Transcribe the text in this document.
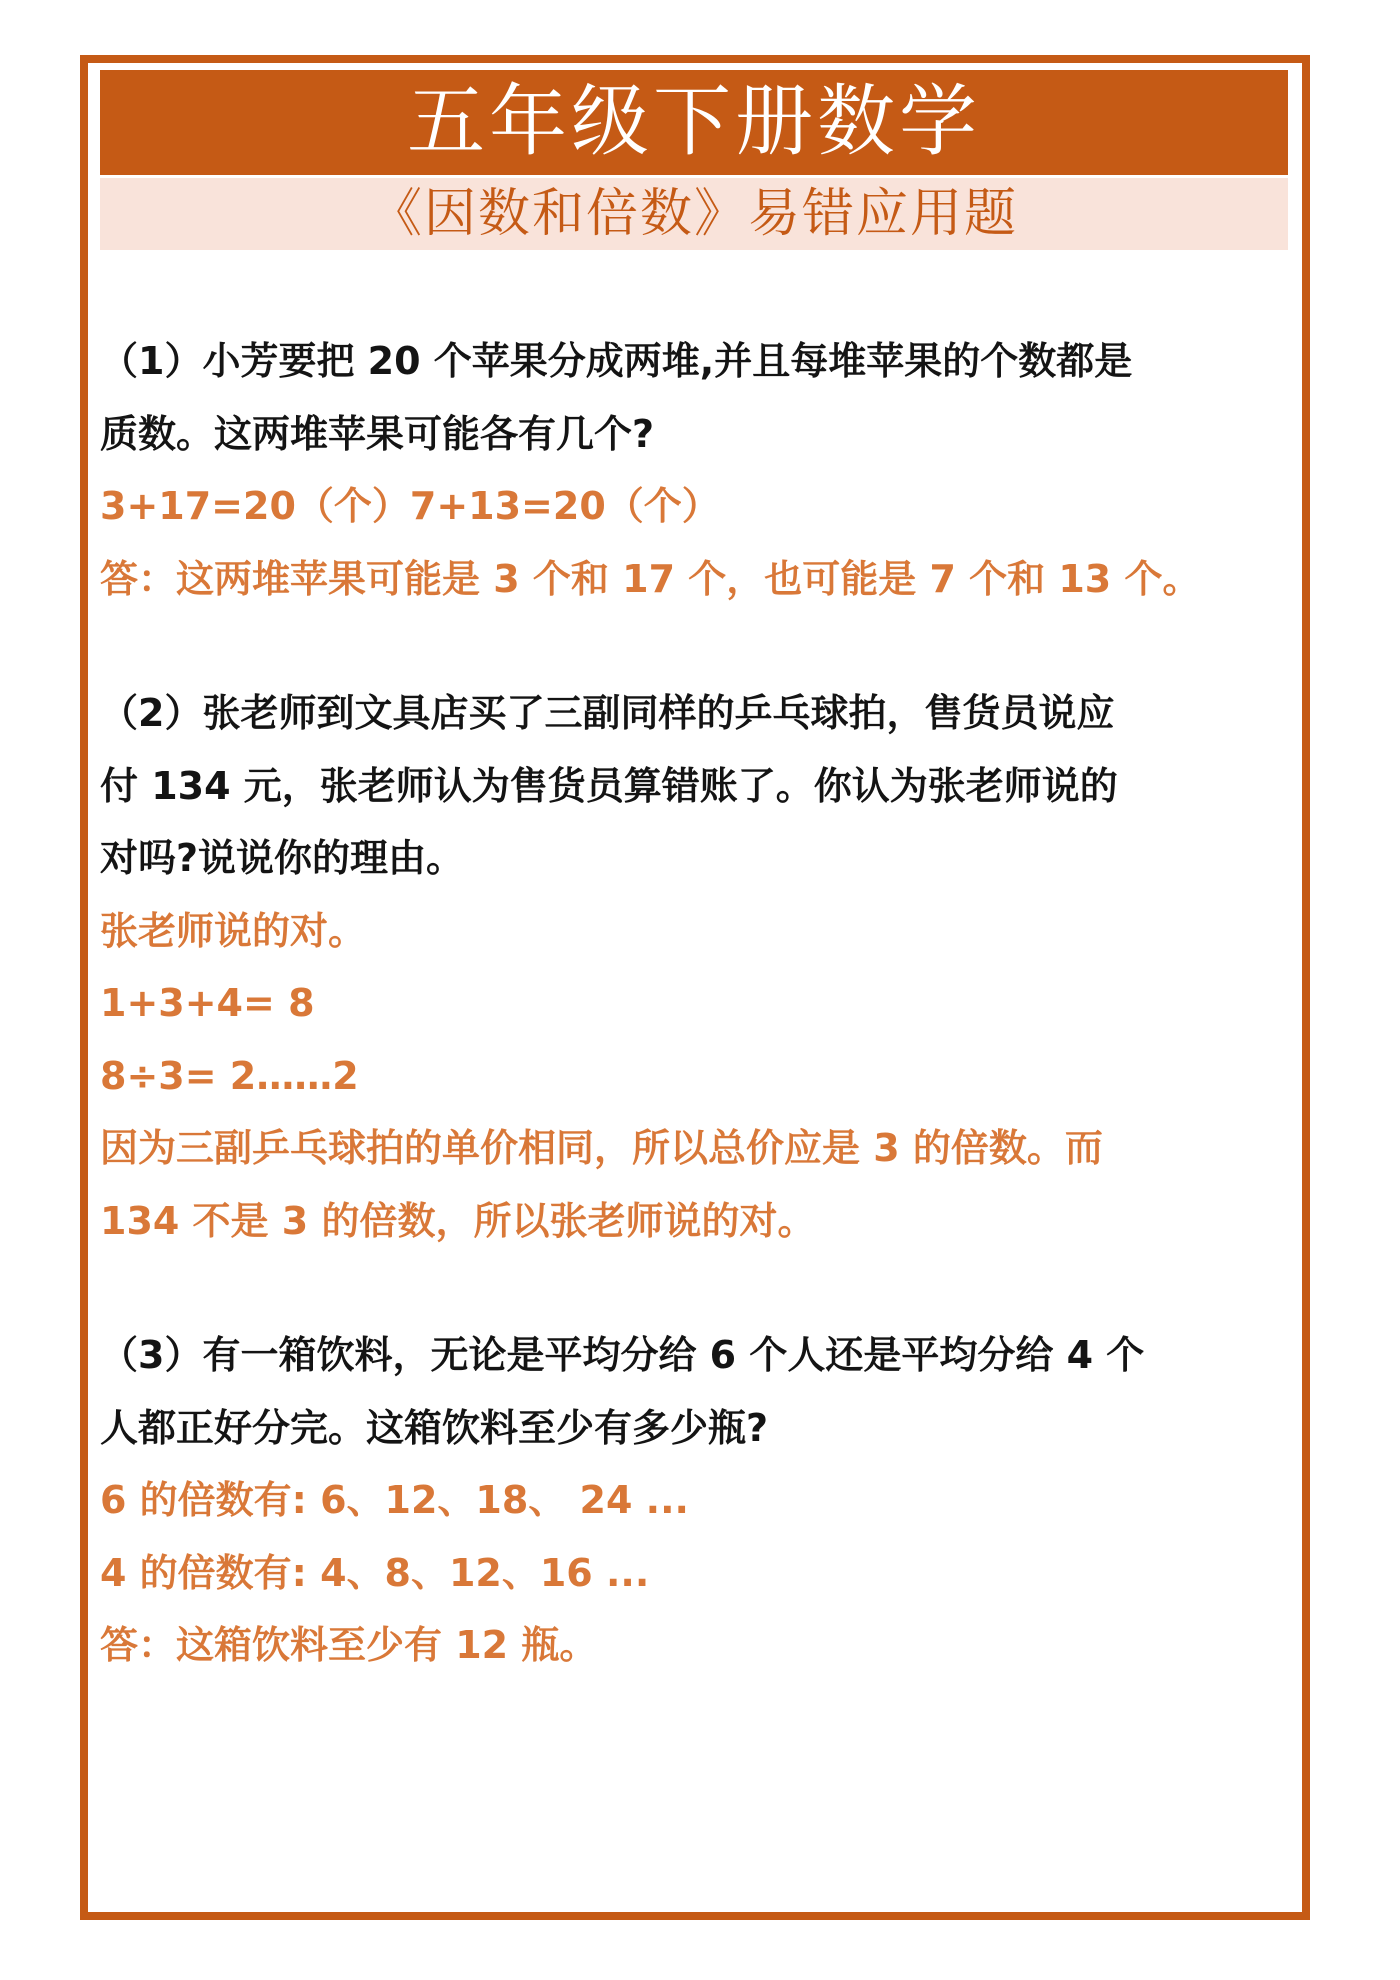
五年级下册数学
《因数和倍数》易错应用题
（1）小芳要把 20 个苹果分成两堆,并且每堆苹果的个数都是
质数。这两堆苹果可能各有几个?
3+17=20（个）7+13=20（个）
答：这两堆苹果可能是 3 个和 17 个，也可能是 7 个和 13 个。
（2）张老师到文具店买了三副同样的乒乓球拍，售货员说应
付 134 元，张老师认为售货员算错账了。你认为张老师说的
对吗?说说你的理由。
张老师说的对。
1+3+4= 8
8÷3= 2……2
因为三副乒乓球拍的单价相同，所以总价应是 3 的倍数。而
134 不是 3 的倍数，所以张老师说的对。
（3）有一箱饮料，无论是平均分给 6 个人还是平均分给 4 个
人都正好分完。这箱饮料至少有多少瓶?
6 的倍数有: 6、12、18、 24 ...
4 的倍数有: 4、8、12、16 ...
答：这箱饮料至少有 12 瓶。
